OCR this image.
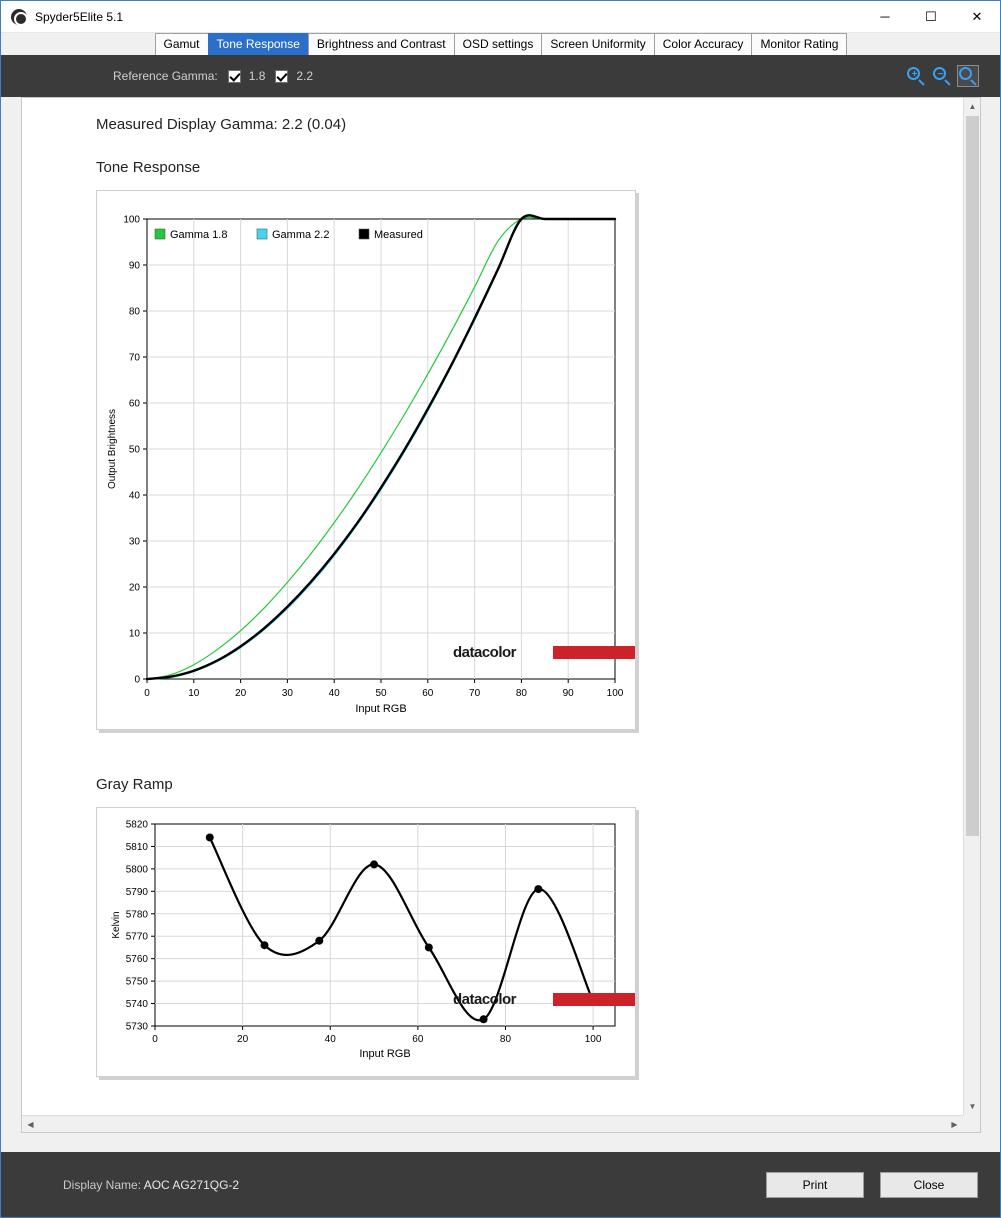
Spyder5Elite 5.1	─	☐	✕
Gamut	Tone Response	Brightness and Contrast	OSD settings	Screen Uniformity	Color Accuracy	Monitor Rating
Reference Gamma:	1.8	2.2	+	−
Measured Display Gamma: 2.2 (0.04)
Tone Response
0	10	20	30	40	50	60	70	80	90	100
0
10
20
30
40
50
60
70
80
90
100
Input RGB
Output Brightness
Gamma 1.8	Gamma 2.2	Measured
datacolor
Gray Ramp
0	20	40	60	80	100
5730
5740
5750
5760
5770
5780
5790
5800
5810
5820
Input RGB
Kelvin
datacolor
▲
▼
◀	▶
Display Name: AOC AG271QG-2	Print	Close
